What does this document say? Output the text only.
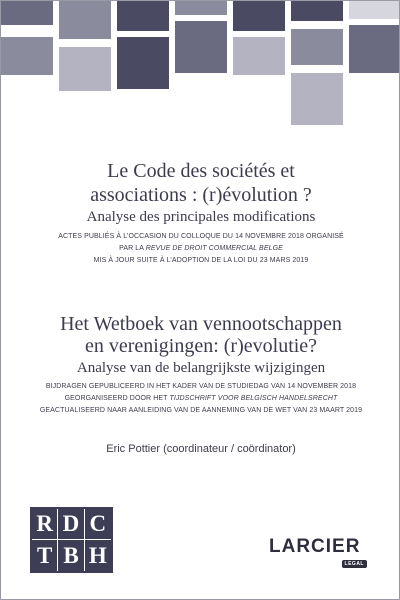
Le Code des sociétés et
associations : (r)évolution ?
Analyse des principales modifications
ACTES PUBLIÉS À L’OCCASION DU COLLOQUE DU 14 NOVEMBRE 2018 ORGANISÉ
PAR LA REVUE DE DROIT COMMERCIAL BELGE
MIS À JOUR SUITE À L’ADOPTION DE LA LOI DU 23 MARS 2019
Het Wetboek van vennootschappen
en verenigingen: (r)evolutie?
Analyse van de belangrijkste wijzigingen
BIJDRAGEN GEPUBLICEERD IN HET KADER VAN DE STUDIEDAG VAN 14 NOVEMBER 2018
GEORGANISEERD DOOR HET TIJDSCHRIFT VOOR BELGISCH HANDELSRECHT
GEACTUALISEERD NAAR AANLEIDING VAN DE AANNEMING VAN DE WET VAN 23 MAART 2019
Eric Pottier (coordinateur / coördinator)
R D C
T B H	LARCIER
LEGAL
